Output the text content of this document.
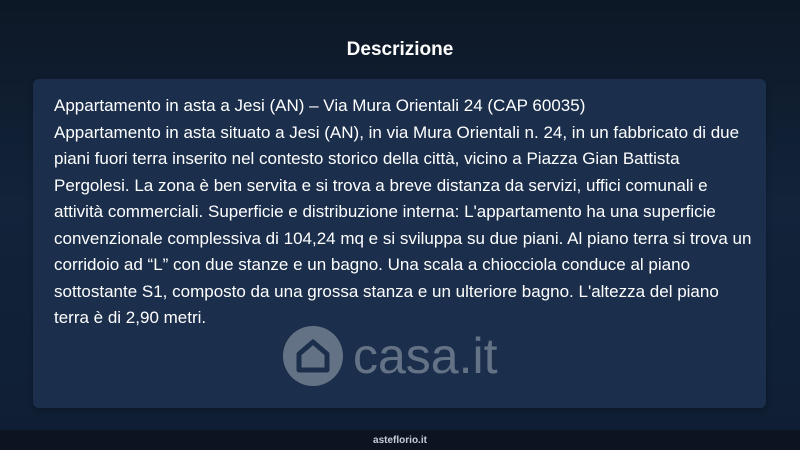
Descrizione

Appartamento in asta a Jesi (AN) – Via Mura Orientali 24 (CAP 60035)

Appartamento in asta situato a Jesi (AN), in via Mura Orientali n. 24, in un fabbricato di due piani fuori terra inserito nel contesto storico della città, vicino a Piazza Gian Battista Pergolesi. La zona è ben servita e si trova a breve distanza da servizi, uffici comunali e attività commerciali. Superficie e distribuzione interna: L'appartamento ha una superficie convenzionale complessiva di 104,24 mq e si sviluppa su due piani. Al piano terra si trova un corridoio ad “L” con due stanze e un bagno. Una scala a chiocciola conduce al piano sottostante S1, composto da una grossa stanza e un ulteriore bagno. L'altezza del piano terra è di 2,90 metri.

casa.it
asteflorio.it
